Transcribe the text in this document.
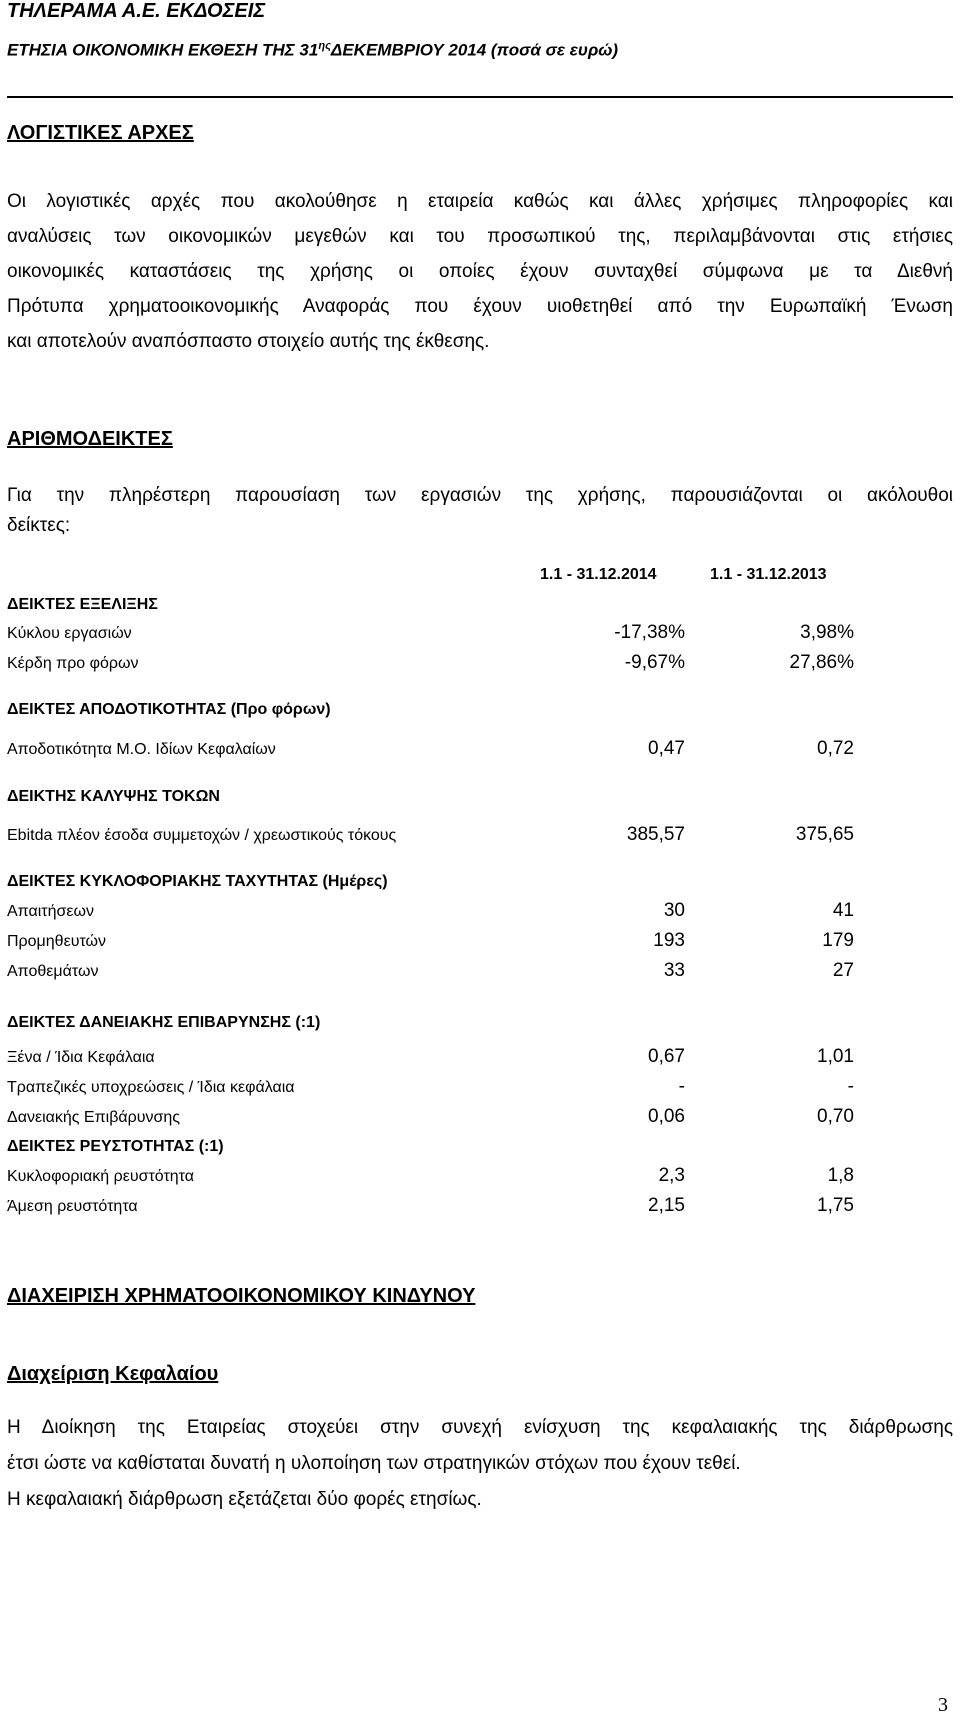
ΤΗΛΕΡΑΜΑ Α.Ε. ΕΚΔΟΣΕΙΣ
ΕΤΗΣΙΑ ΟΙΚΟΝΟΜΙΚΗ ΕΚΘΕΣΗ ΤΗΣ $31^{\eta\varsigma}\Delta EKEMBPIO\Upsilon$ 2014 (ποσά σε ευρώ)
ΛΟΓΙΣΤΙΚΕΣ ΑΡΧΕΣ
Οι λογιστικές αρχές που ακολούθησε η εταιρεία καθώς και άλλες χρήσιμες πληροφορίες και
αναλύσεις των οικονομικών μεγεθών και του προσωπικού της, περιλαμβάνονται στις ετήσιες
οικονομικές καταστάσεις της χρήσης οι οποίες έχουν συνταχθεί σύμφωνα με τα Διεθνή
Πρότυπα χρηματοοικονομικής Αναφοράς που έχουν υιοθετηθεί από την Ευρωπαϊκή Ένωση
και αποτελούν αναπόσπαστο στοιχείο αυτής της έκθεσης.
ΑΡΙΘΜΟΔΕΙΚΤΕΣ
Για την πληρέστερη παρουσίαση των εργασιών της χρήσης, παρουσιάζονται οι ακόλουθοι
δείκτες:
1.1 - 31.12.2014	1.1 - 31.12.2013
ΔΕΙΚΤΕΣ ΕΞΕΛΙΞΗΣ
Κύκλου εργασιών	-17,38%	3,98%
Κέρδη προ φόρων	-9,67%	27,86%
ΔΕΙΚΤΕΣ ΑΠΟΔΟΤΙΚΟΤΗΤΑΣ (Προ φόρων)
Αποδοτικότητα Μ.Ο. Ιδίων Κεφαλαίων	0,47	0,72
ΔΕΙΚΤΗΣ ΚΑΛΥΨΗΣ ΤΟΚΩΝ
Ebitda πλέον έσοδα συμμετοχών / χρεωστικούς τόκους	385,57	375,65
ΔΕΙΚΤΕΣ ΚΥΚΛΟΦΟΡΙΑΚΗΣ ΤΑΧΥΤΗΤΑΣ (Ημέρες)
Απαιτήσεων	30	41
Προμηθευτών	193	179
Αποθεμάτων	33	27
ΔΕΙΚΤΕΣ ΔΑΝΕΙΑΚΗΣ ΕΠΙΒΑΡΥΝΣΗΣ (:1)
Ξένα / Ίδια Κεφάλαια	0,67	1,01
Τραπεζικές υποχρεώσεις / Ίδια κεφάλαια	-	-
Δανειακής Επιβάρυνσης	0,06	0,70
ΔΕΙΚΤΕΣ ΡΕΥΣΤΟΤΗΤΑΣ (:1)
Κυκλοφοριακή ρευστότητα	2,3	1,8
Άμεση ρευστότητα	2,15	1,75
ΔΙΑΧΕΙΡΙΣΗ ΧΡΗΜΑΤΟΟΙΚΟΝΟΜΙΚΟΥ ΚΙΝΔΥΝΟΥ
Διαχείριση Κεφαλαίου
Η Διοίκηση της Εταιρείας στοχεύει στην συνεχή ενίσχυση της κεφαλαιακής της διάρθρωσης
έτσι ώστε να καθίσταται δυνατή η υλοποίηση των στρατηγικών στόχων που έχουν τεθεί.
Η κεφαλαιακή διάρθρωση εξετάζεται δύο φορές ετησίως.
3
